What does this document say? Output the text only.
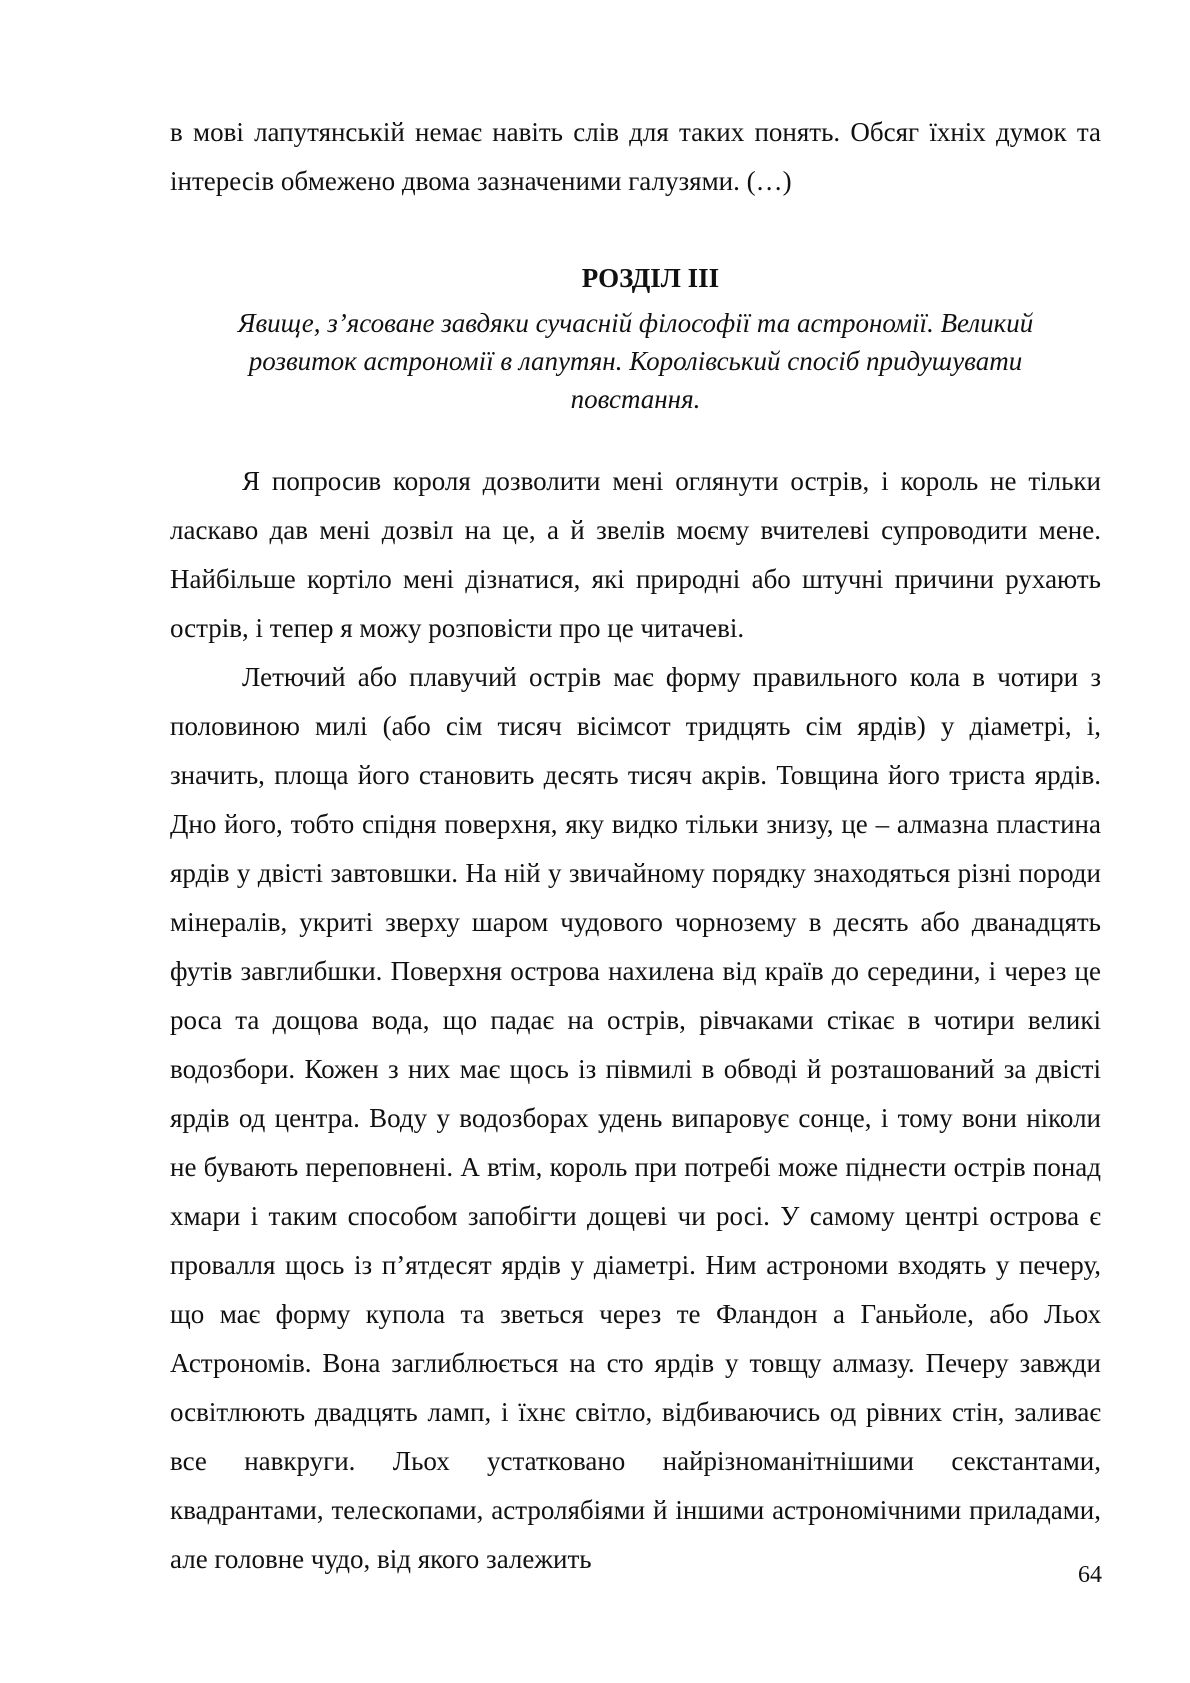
в мові лапутянській немає навіть слів для таких понять. Обсяг їхніх думок та інтересів обмежено двома зазначеними галузями. (…)

РОЗДІЛ ІІІ

Явище, з’ясоване завдяки сучасній філософії та астрономії. Великий розвиток астрономії в лапутян. Королівський спосіб придушувати повстання.

Я попросив короля дозволити мені оглянути острів, і король не тільки ласкаво дав мені дозвіл на це, а й звелів моєму вчителеві супроводити мене. Найбільше кортіло мені дізнатися, які природні або штучні причини рухають острів, і тепер я можу розповісти про це читачеві.

Летючий або плавучий острів має форму правильного кола в чотири з половиною милі (або сім тисяч вісімсот тридцять сім ярдів) у діаметрі, і, значить, площа його становить десять тисяч акрів. Товщина його триста ярдів. Дно його, тобто спідня поверхня, яку видко тільки знизу, це – алмазна пластина ярдів у двісті завтовшки. На ній у звичайному порядку знаходяться різні породи мінералів, укриті зверху шаром чудового чорнозему в десять або дванадцять футів завглибшки. Поверхня острова нахилена від країв до середини, і через це роса та дощова вода, що падає на острів, рівчаками стікає в чотири великі водозбори. Кожен з них має щось із півмилі в обводі й розташований за двісті ярдів од центра. Воду у водозборах удень випаровує сонце, і тому вони ніколи не бувають переповнені. А втім, король при потребі може піднести острів понад хмари і таким способом запобігти дощеві чи росі. У самому центрі острова є провалля щось із п’ятдесят ярдів у діаметрі. Ним астрономи входять у печеру, що має форму купола та зветься через те Фландон а Ганьйоле, або Льох Астрономів. Вона заглиблюється на сто ярдів у товщу алмазу. Печеру завжди освітлюють двадцять ламп, і їхнє світло, відбиваючись од рівних стін, заливає все навкруги. Льох устатковано найрізноманітнішими секстантами, квадрантами, телескопами, астролябіями й іншими астрономічними приладами, але головне чудо, від якого залежить

64
